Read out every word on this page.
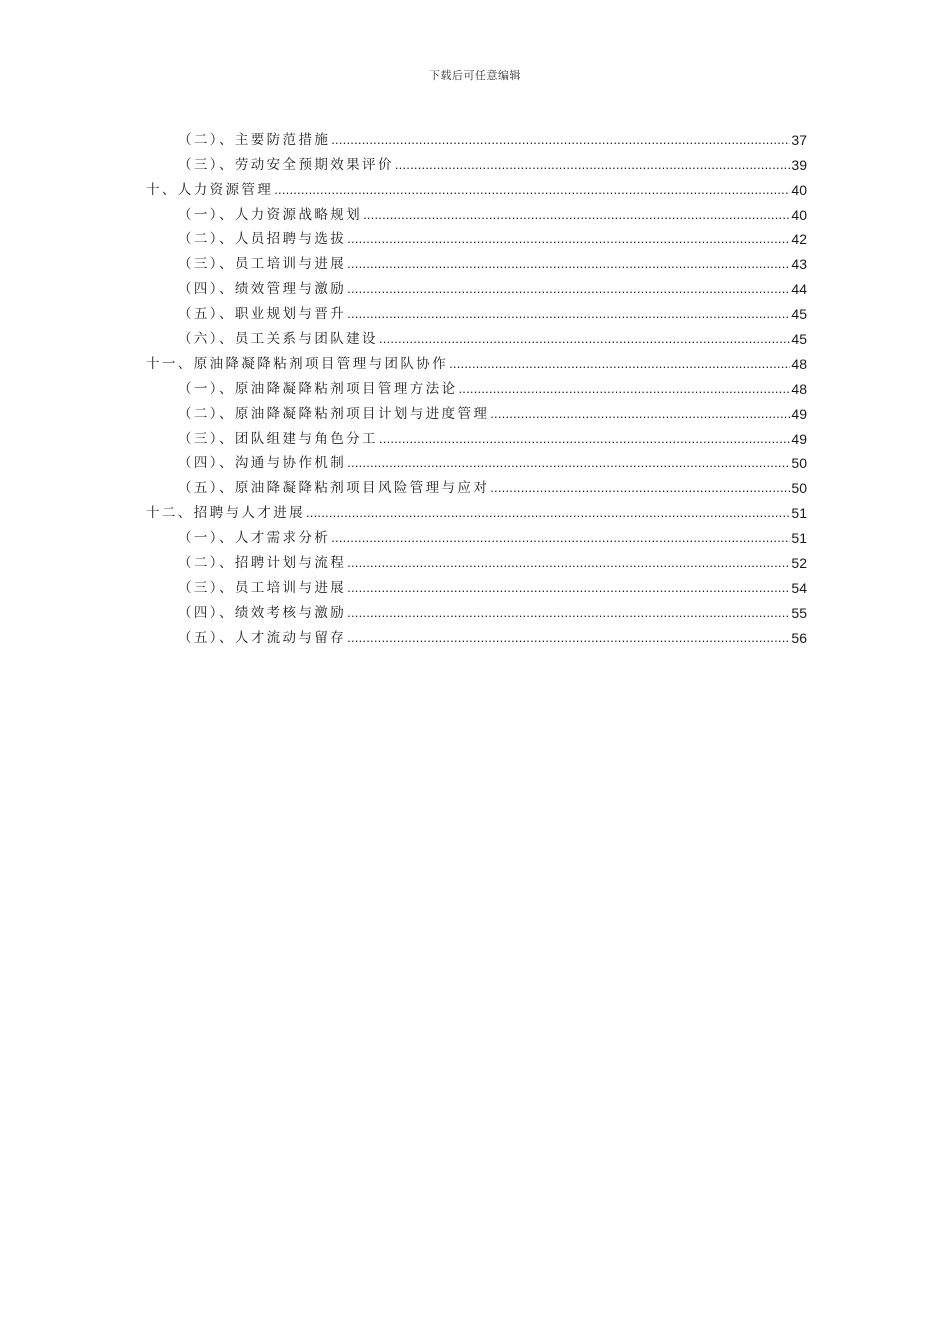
下载后可任意编辑
（二）、主要防范措施 .....	37
（三）、劳动安全预期效果评价 .....	39
十、人力资源管理 .....	40
（一）、人力资源战略规划 .....	40
（二）、人员招聘与选拔 .....	42
（三）、员工培训与进展 .....	43
（四）、绩效管理与激励 .....	44
（五）、职业规划与晋升 .....	45
（六）、员工关系与团队建设 .....	45
十一、原油降凝降粘剂项目管理与团队协作 .....	48
（一）、原油降凝降粘剂项目管理方法论 .....	48
（二）、原油降凝降粘剂项目计划与进度管理 .....	49
（三）、团队组建与角色分工 .....	49
（四）、沟通与协作机制 .....	50
（五）、原油降凝降粘剂项目风险管理与应对 .....	50
十二、招聘与人才进展 .....	51
（一）、人才需求分析 .....	51
（二）、招聘计划与流程 .....	52
（三）、员工培训与进展 .....	54
（四）、绩效考核与激励 .....	55
（五）、人才流动与留存 .....	56
